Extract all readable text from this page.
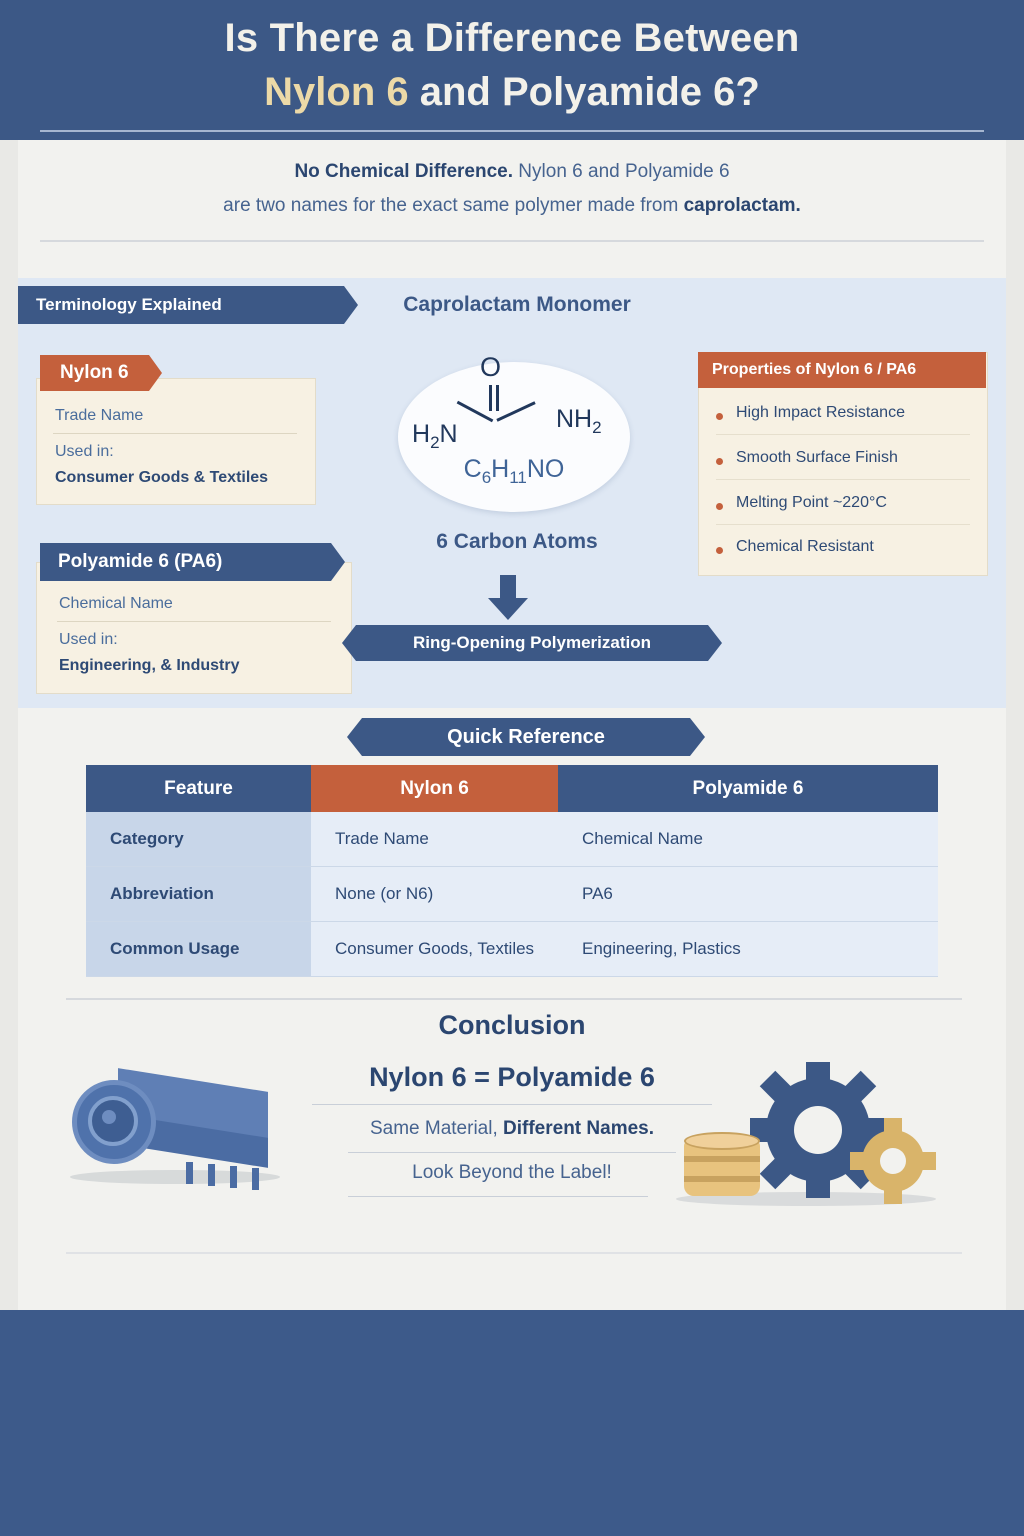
Is There a Difference Between
Nylon 6 and Polyamide 6?
No Chemical Difference. Nylon 6 and Polyamide 6
are two names for the exact same polymer made from caprolactam.
Terminology Explained
Trade Name
Used in:
Consumer Goods & Textiles
Nylon 6
Chemical Name
Used in:
Engineering, & Industry
Polyamide 6 (PA6)
Caprolactam Monomer
O
$H_2N$
$NH_2$
$C_6H_{11}NO$
6 Carbon Atoms
Ring-Opening Polymerization
Properties of Nylon 6 / PA6
High Impact Resistance
Smooth Surface Finish
Melting Point ~220°C
Chemical Resistant
Quick Reference
Feature	Nylon 6	Polyamide 6
Category	Trade Name	Chemical Name
Abbreviation	None (or N6)	PA6
Common Usage	Consumer Goods, Textiles	Engineering, Plastics
Conclusion
Nylon 6 = Polyamide 6
Same Material, Different Names.
Look Beyond the Label!
